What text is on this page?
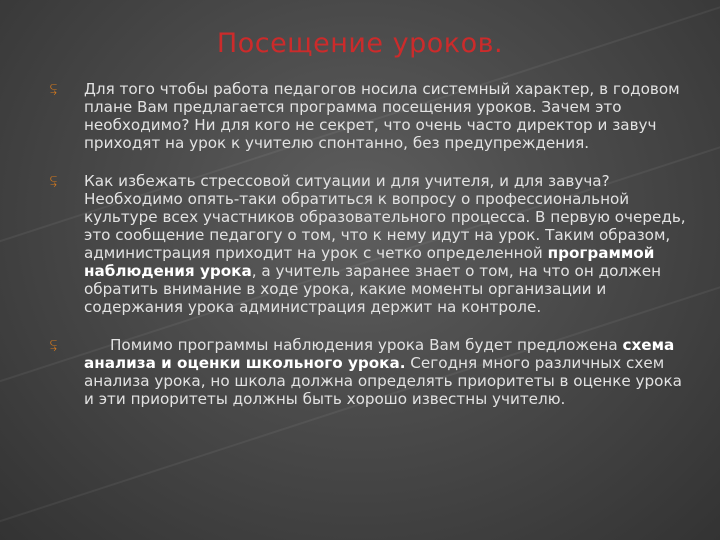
Посещение уроков.
⥹	Для того чтобы работа педагогов носила системный характер, в годовом плане Вам предлагается программа посещения уроков. Зачем это необходимо? Ни для кого не секрет, что очень часто директор и завуч приходят на урок к учителю спонтанно, без предупреждения.
⥹	Как избежать стрессовой ситуации и для учителя, и для завуча? Необходимо опять-таки обратиться к вопросу о профессиональной культуре всех участников образовательного процесса. В первую очередь, это сообщение педагогу о том, что к нему идут на урок. Таким образом, администрация приходит на урок с четко определенной программой наблюдения урока, а учитель заранее знает о том, на что он должен обратить внимание в ходе урока, какие моменты организации и содержания урока администрация держит на контроле.
⥹	Помимо программы наблюдения урока Вам будет предложена схема анализа и оценки школьного урока. Сегодня много различных схем анализа урока, но школа должна определять приоритеты в оценке урока и эти приоритеты должны быть хорошо известны учителю.
